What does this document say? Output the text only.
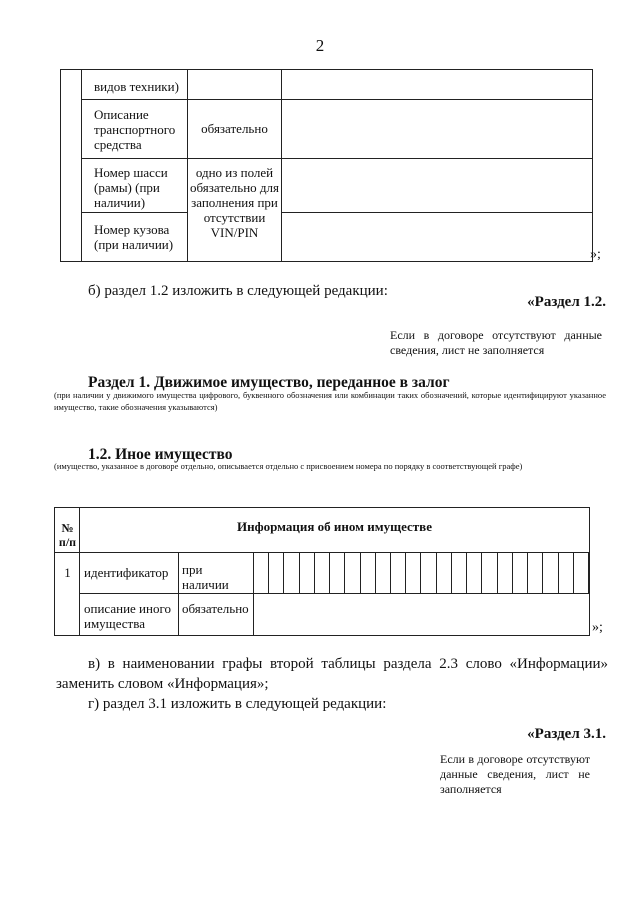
2
видов техники)
Описание транспортного средства
обязательно
Номер шасси (рамы) (при наличии)
Номер кузова (при наличии)
одно из полей обязательно для заполнения при отсутствии VIN/PIN
»;
б) раздел 1.2 изложить в следующей редакции:
«Раздел 1.2.
Если в договоре отсутствуют данные сведения, лист не заполняется
Раздел 1. Движимое имущество, переданное в залог
(при наличии у движимого имущества цифрового, буквенного обозначения или комбинации таких обозначений, которые идентифицируют указанное имущество, такие обозначения указываются)
1.2. Иное имущество
(имущество, указанное в договоре отдельно, описывается отдельно с присвоением номера по порядку в соответствующей графе)
№ п/п
Информация об ином имуществе
1	идентификатор	при наличии
описание иного имущества
обязательно
»;
в) в наименовании графы второй таблицы раздела 2.3 слово «Информации» заменить словом «Информация»;
г) раздел 3.1 изложить в следующей редакции:
«Раздел 3.1.
Если в договоре отсутствуют данные сведения, лист не заполняется
